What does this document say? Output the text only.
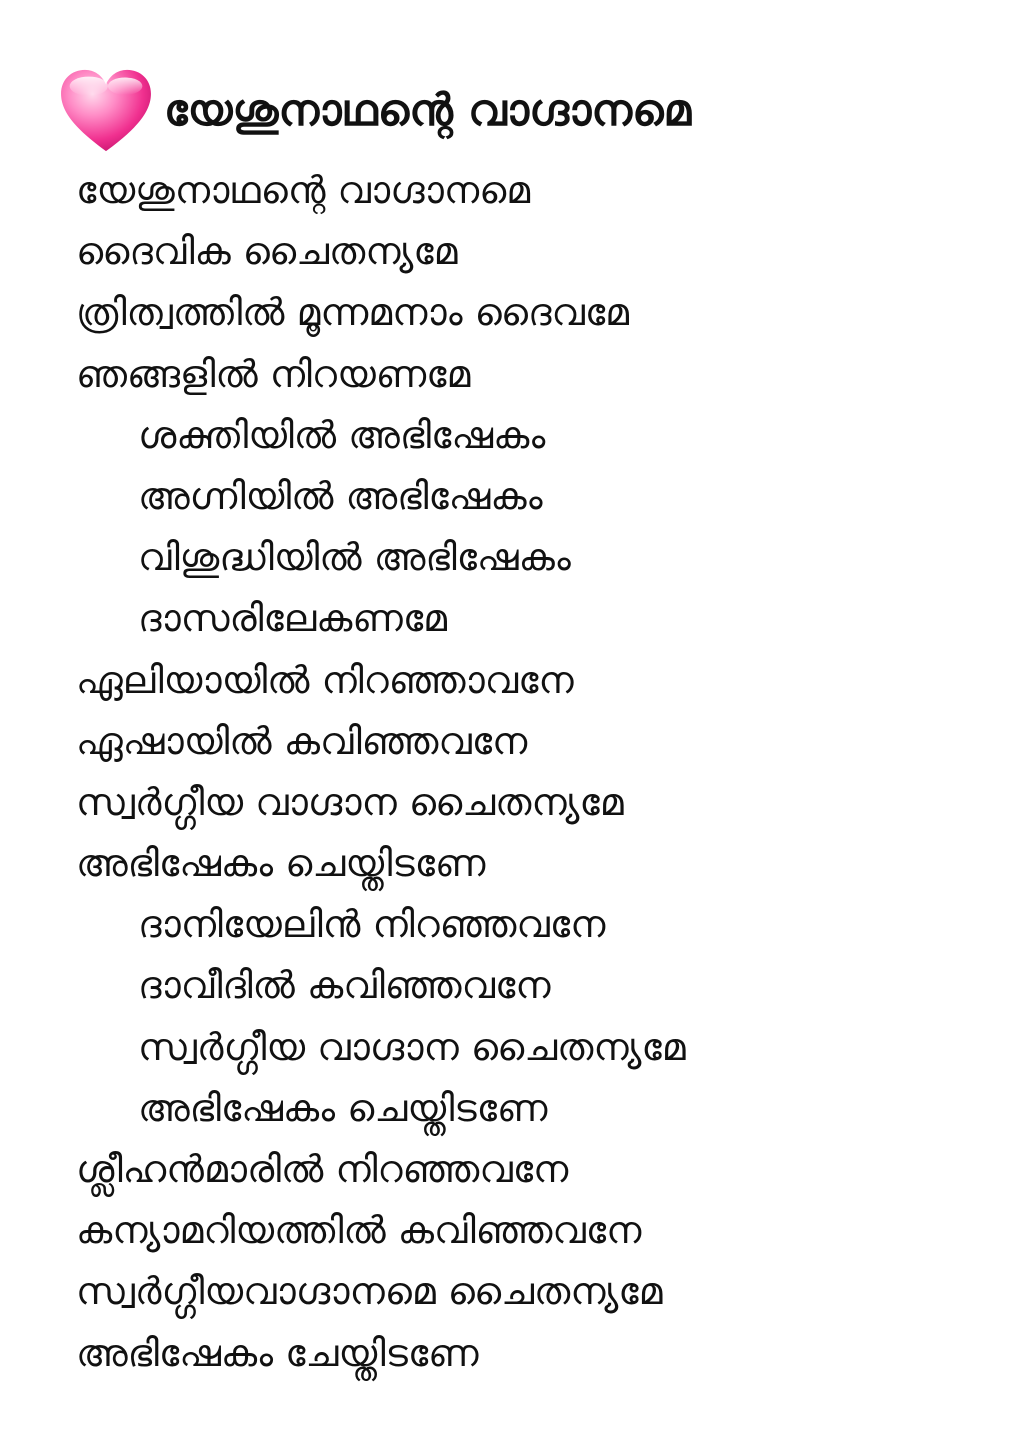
യേശുനാഥന്റെ വാഗ്ദാനമെ
യേശുനാഥന്റെ വാഗ്ദാനമെ
ദൈവിക ചൈതന്യമേ
ത്രിത്വത്തിൽ മൂന്നമനാം ദൈവമേ
ഞങ്ങളിൽ നിറയണമേ
ശക്തിയിൽ അഭിഷേകം
അഗ്നിയിൽ അഭിഷേകം
വിശുദ്ധിയിൽ അഭിഷേകം
ദാസരിലേകണമേ
ഏലിയായിൽ നിറഞ്ഞാവനേ
ഏഷായിൽ കവിഞ്ഞവനേ
സ്വർഗ്ഗീയ വാഗ്ദാന ചൈതന്യമേ
അഭിഷേകം ചെയ്തിടണേ
ദാനിയേലിൻ നിറഞ്ഞവനേ
ദാവീദിൽ കവിഞ്ഞവനേ
സ്വർഗ്ഗീയ വാഗ്ദാന ചൈതന്യമേ
അഭിഷേകം ചെയ്തിടണേ
ശ്ലീഹൻമാരിൽ നിറഞ്ഞവനേ
കന്യാമറിയത്തിൽ കവിഞ്ഞവനേ
സ്വർഗ്ഗീയവാഗ്ദാനമെ ചൈതന്യമേ
അഭിഷേകം ചേയ്തിടണേ
